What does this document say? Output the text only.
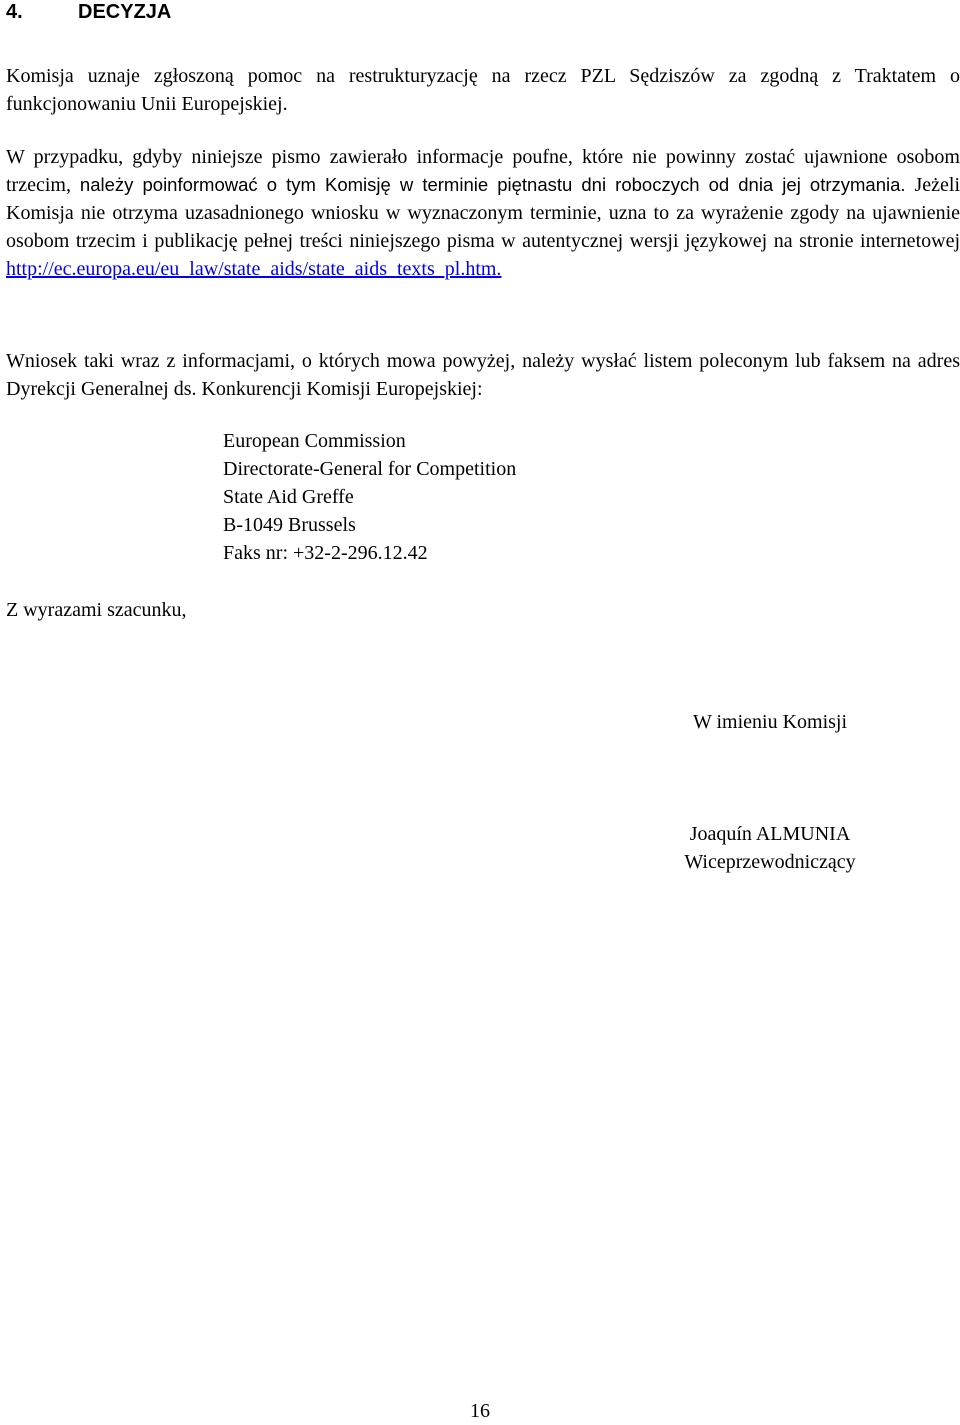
4.	DECYZJA
Komisja uznaje zgłoszoną pomoc na restrukturyzację na rzecz PZL Sędziszów za zgodną z Traktatem o funkcjonowaniu Unii Europejskiej.
W przypadku, gdyby niniejsze pismo zawierało informacje poufne, które nie powinny zostać ujawnione osobom trzecim, należy poinformować o tym Komisję w terminie piętnastu dni roboczych od dnia jej otrzymania. Jeżeli Komisja nie otrzyma uzasadnionego wniosku w wyznaczonym terminie, uzna to za wyrażenie zgody na ujawnienie osobom trzecim i publikację pełnej treści niniejszego pisma w autentycznej wersji językowej na stronie internetowej http://ec.europa.eu/eu_law/state_aids/state_aids_texts_pl.htm.
Wniosek taki wraz z informacjami, o których mowa powyżej, należy wysłać listem poleconym lub faksem na adres Dyrekcji Generalnej ds. Konkurencji Komisji Europejskiej:
European Commission
Directorate-General for Competition
State Aid Greffe
B-1049 Brussels
Faks nr: +32-2-296.12.42
Z wyrazami szacunku,
W imieniu Komisji
Joaquín ALMUNIA
Wiceprzewodniczący
16
